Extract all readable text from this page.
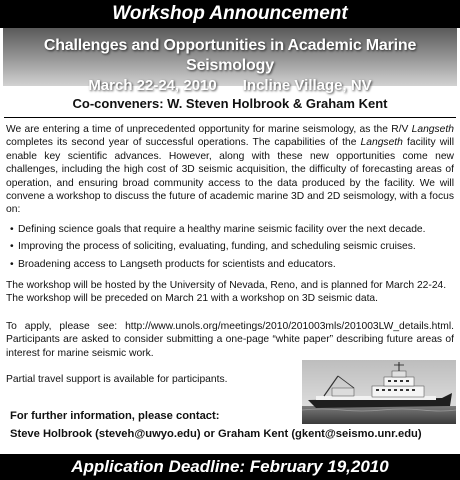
Workshop Announcement
Challenges and Opportunities in Academic Marine Seismology
March 22-24, 2010 Incline Village, NV
Co-conveners: W. Steven Holbrook & Graham Kent

We are entering a time of unprecedented opportunity for marine seismology, as the R/V Langseth completes its second year of successful operations. The capabilities of the Langseth facility will enable key scientific advances. However, along with these new opportunities come new challenges, including the high cost of 3D seismic acquisition, the difficulty of forecasting areas of operation, and ensuring broad community access to the data produced by the facility. We will convene a workshop to discuss the future of academic marine 3D and 2D seismology, with a focus on:

• Defining science goals that require a healthy marine seismic facility over the next decade.
• Improving the process of soliciting, evaluating, funding, and scheduling seismic cruises.
• Broadening access to Langseth products for scientists and educators.

The workshop will be hosted by the University of Nevada, Reno, and is planned for March 22-24. The workshop will be preceded on March 21 with a workshop on 3D seismic data.

To apply, please see: http://www.unols.org/meetings/2010/201003mls/201003LW_details.html. Participants are asked to consider submitting a one-page “white paper” describing future areas of interest for marine seismic work.

Partial travel support is available for participants.

For further information, please contact:
Steve Holbrook (steveh@uwyo.edu) or Graham Kent (gkent@seismo.unr.edu)
Application Deadline: February 19,2010
